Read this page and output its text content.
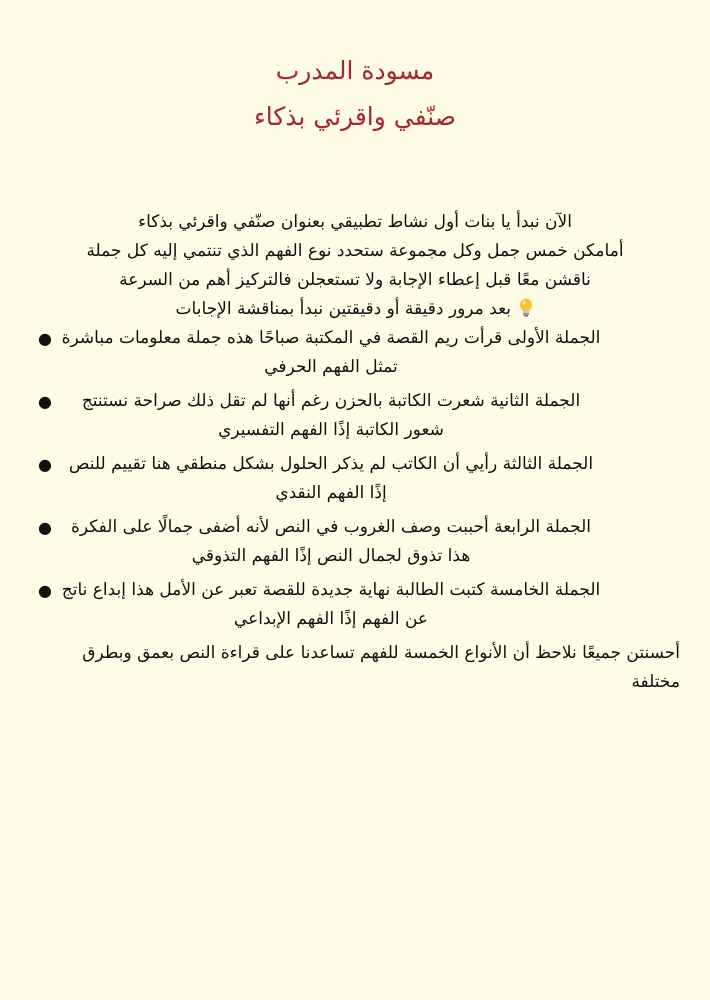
مسودة المدرب

صنّفي واقرئي بذكاء

الآن نبدأ يا بنات أول نشاط تطبيقي بعنوان صنّفي واقرئي بذكاء
أمامكن خمس جمل وكل مجموعة ستحدد نوع الفهم الذي تنتمي إليه كل جملة
ناقشن معًا قبل إعطاء الإجابة ولا تستعجلن فالتركيز أهم من السرعة
بعد مرور دقيقة أو دقيقتين نبدأ بمناقشة الإجابات
● الجملة الأولى قرأت ريم القصة في المكتبة صباحًا هذه جملة معلومات مباشرة تمثل الفهم الحرفي
● الجملة الثانية شعرت الكاتبة بالحزن رغم أنها لم تقل ذلك صراحة نستنتج شعور الكاتبة إذًا الفهم التفسيري
● الجملة الثالثة رأيي أن الكاتب لم يذكر الحلول بشكل منطقي هنا تقييم للنص إذًا الفهم النقدي
● الجملة الرابعة أحببت وصف الغروب في النص لأنه أضفى جمالًا على الفكرة هذا تذوق لجمال النص إذًا الفهم التذوقي
● الجملة الخامسة كتبت الطالبة نهاية جديدة للقصة تعبر عن الأمل هذا إبداع ناتج عن الفهم إذًا الفهم الإبداعي
أحسنتن جميعًا نلاحظ أن الأنواع الخمسة للفهم تساعدنا على قراءة النص بعمق وبطرق مختلفة
